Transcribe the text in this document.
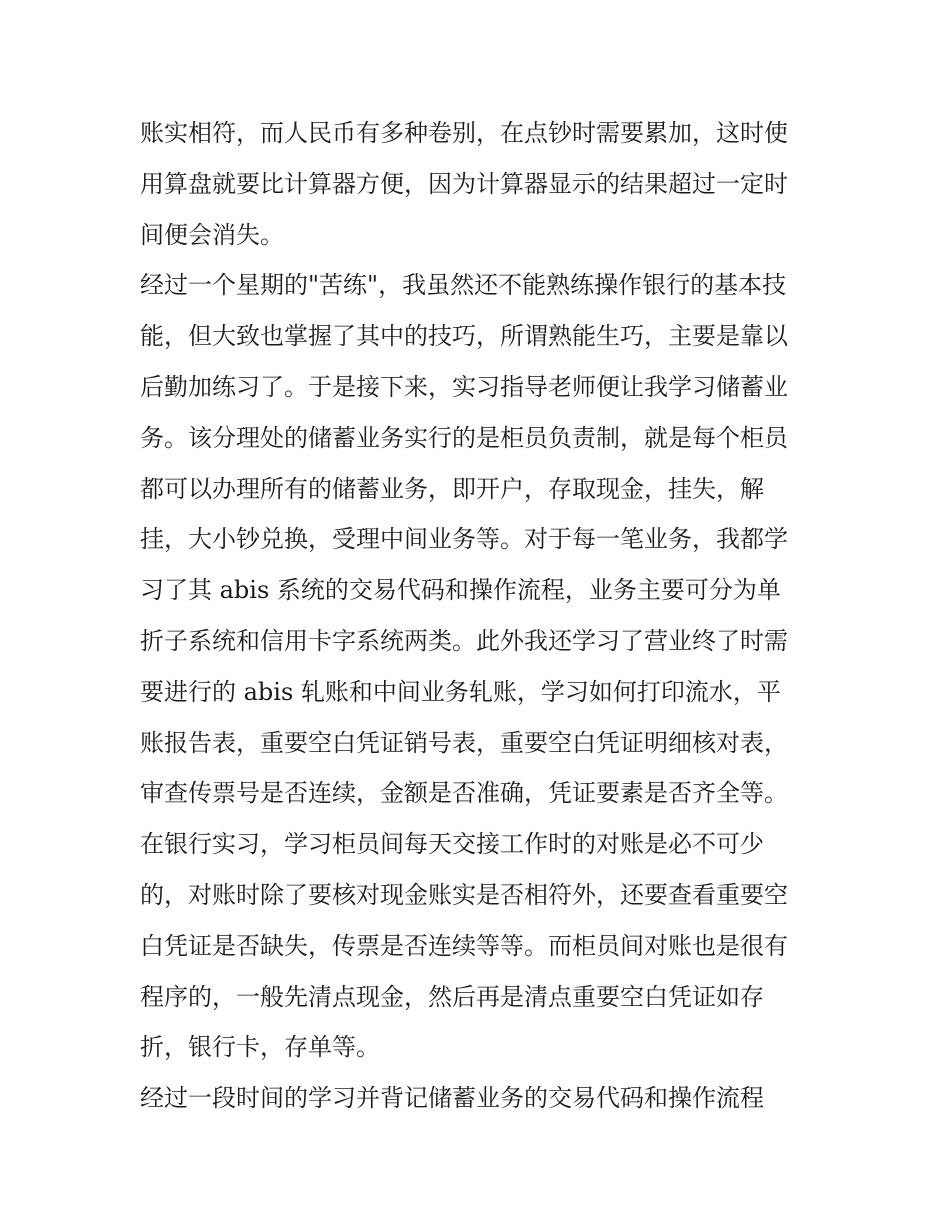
账实相符，而人民币有多种卷别，在点钞时需要累加，这时使
用算盘就要比计算器方便，因为计算器显示的结果超过一定时
间便会消失。
经过一个星期的"苦练"，我虽然还不能熟练操作银行的基本技
能，但大致也掌握了其中的技巧，所谓熟能生巧，主要是靠以
后勤加练习了。于是接下来，实习指导老师便让我学习储蓄业
务。该分理处的储蓄业务实行的是柜员负责制，就是每个柜员
都可以办理所有的储蓄业务，即开户，存取现金，挂失，解
挂，大小钞兑换，受理中间业务等。对于每一笔业务，我都学
习了其 abis 系统的交易代码和操作流程，业务主要可分为单
折子系统和信用卡字系统两类。此外我还学习了营业终了时需
要进行的 abis 轧账和中间业务轧账，学习如何打印流水，平
账报告表，重要空白凭证销号表，重要空白凭证明细核对表，
审查传票号是否连续，金额是否准确，凭证要素是否齐全等。
在银行实习，学习柜员间每天交接工作时的对账是必不可少
的，对账时除了要核对现金账实是否相符外，还要查看重要空
白凭证是否缺失，传票是否连续等等。而柜员间对账也是很有
程序的，一般先清点现金，然后再是清点重要空白凭证如存
折，银行卡，存单等。
经过一段时间的学习并背记储蓄业务的交易代码和操作流程
